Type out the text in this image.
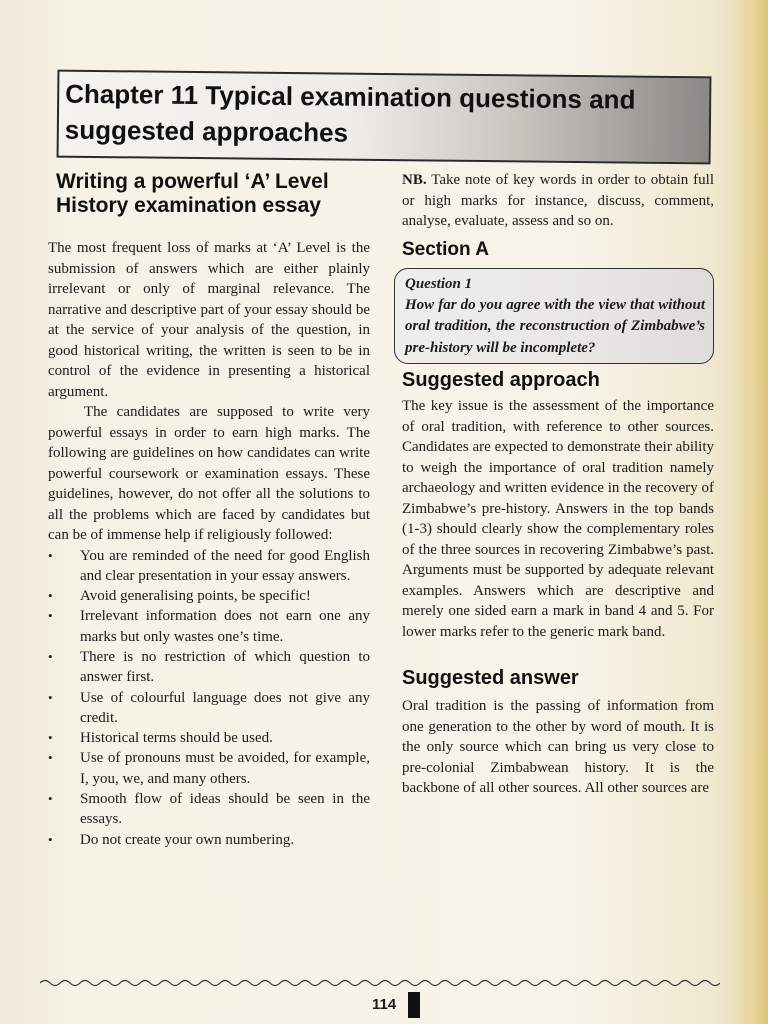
Chapter 11 Typical examination questions and suggested approaches
Writing a powerful ‘A’ Level History examination essay

The most frequent loss of marks at ‘A’ Level is the submission of answers which are either plainly irrelevant or only of marginal relevance. The narrative and descriptive part of your essay should be at the service of your analysis of the question, in good historical writing, the written is seen to be in control of the evidence in presenting a historical argument.

The candidates are supposed to write very powerful essays in order to earn high marks. The following are guidelines on how candidates can write powerful coursework or examination essays. These guidelines, however, do not offer all the solutions to all the problems which are faced by candidates but can be of immense help if religiously followed:

• You are reminded of the need for good English and clear presentation in your essay answers.
• Avoid generalising points, be specific!
• Irrelevant information does not earn one any marks but only wastes one’s time.
• There is no restriction of which question to answer first.
• Use of colourful language does not give any credit.
• Historical terms should be used.
• Use of pronouns must be avoided, for example, I, you, we, and many others.
• Smooth flow of ideas should be seen in the essays.
• Do not create your own numbering.

NB. Take note of key words in order to obtain full or high marks for instance, discuss, comment, analyse, evaluate, assess and so on.

Section A

Question 1

How far do you agree with the view that without oral tradition, the reconstruction of Zimbabwe’s pre-history will be incomplete?

Suggested approach

The key issue is the assessment of the importance of oral tradition, with reference to other sources. Candidates are expected to demonstrate their ability to weigh the importance of oral tradition namely archaeology and written evidence in the recovery of Zimbabwe’s pre-history. Answers in the top bands (1-3) should clearly show the complementary roles of the three sources in recovering Zimbabwe’s past. Arguments must be supported by adequate relevant examples. Answers which are descriptive and merely one sided earn a mark in band 4 and 5. For lower marks refer to the generic mark band.

Suggested answer

Oral tradition is the passing of information from one generation to the other by word of mouth. It is the only source which can bring us very close to pre-colonial Zimbabwean history. It is the backbone of all other sources. All other sources are

114
